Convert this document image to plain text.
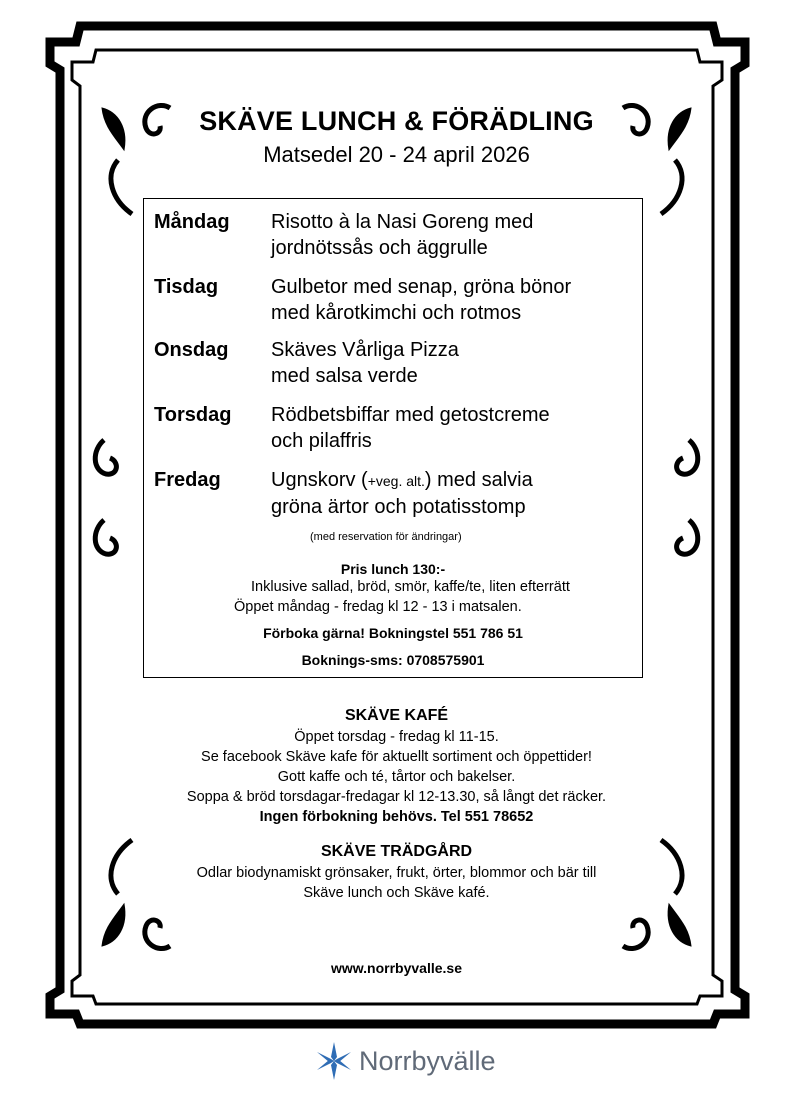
SKÄVE LUNCH & FÖRÄDLING
Matsedel 20 - 24 april 2026
Måndag Risotto à la Nasi Goreng med
jordnötssås och äggrulle
Tisdag	Gulbetor med senap, gröna bönor
med kårotkimchi och rotmos
Onsdag Skäves Vårliga Pizza
med salsa verde
Torsdag Rödbetsbiffar med getostcreme
och pilaffris
Fredag	Ugnskorv (+veg. alt.) med salvia
gröna ärtor och potatisstomp
(med reservation för ändringar)
Pris lunch 130:-
Inklusive sallad, bröd, smör, kaffe/te, liten efterrätt
Öppet måndag - fredag kl 12 - 13 i matsalen.
Förboka gärna! Bokningstel 551 786 51
Boknings-sms: 0708575901
SKÄVE KAFÉ
Öppet torsdag - fredag kl 11-15.
Se facebook Skäve kafe för aktuellt sortiment och öppettider!
Gott kaffe och té, tårtor och bakelser.
Soppa & bröd torsdagar-fredagar kl 12-13.30, så långt det räcker.
Ingen förbokning behövs. Tel 551 78652
SKÄVE TRÄDGÅRD
Odlar biodynamiskt grönsaker, frukt, örter, blommor och bär till
Skäve lunch och Skäve kafé.
www.norrbyvalle.se
Norrbyvälle
